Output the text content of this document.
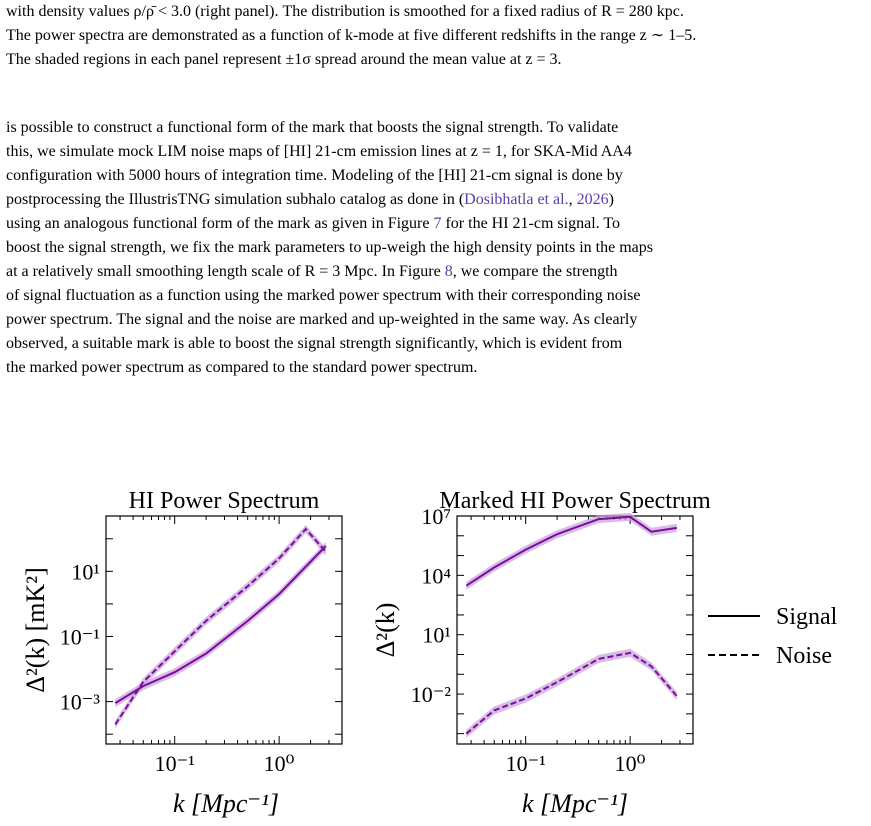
with density values ρ/ρ̄ < 3.0 (right panel). The distribution is smoothed for a fixed radius of R = 280 kpc.
The power spectra are demonstrated as a function of k-mode at five different redshifts in the range z ∼ 1–5.
The shaded regions in each panel represent ±1σ spread around the mean value at z = 3.
is possible to construct a functional form of the mark that boosts the signal strength. To validate
this, we simulate mock LIM noise maps of [HI] 21-cm emission lines at z = 1, for SKA-Mid AA4
configuration with 5000 hours of integration time. Modeling of the [HI] 21-cm signal is done by
postprocessing the IllustrisTNG simulation subhalo catalog as done in (Dosibhatla et al., 2026)
using an analogous functional form of the mark as given in Figure 7 for the HI 21-cm signal. To
boost the signal strength, we fix the mark parameters to up-weigh the high density points in the maps
at a relatively small smoothing length scale of R = 3 Mpc. In Figure 8, we compare the strength
of signal fluctuation as a function using the marked power spectrum with their corresponding noise
power spectrum. The signal and the noise are marked and up-weighted in the same way. As clearly
observed, a suitable mark is able to boost the signal strength significantly, which is evident from
the marked power spectrum as compared to the standard power spectrum.
HI Power Spectrum
10⁻³
10⁻¹
10¹
10⁻¹	10⁰
k [Mpc⁻¹]
Δ²(k) [mK²]
Marked HI Power Spectrum
10⁻²
10¹
10⁴
10⁷
10⁻¹	10⁰
k [Mpc⁻¹]
Δ²(k)	Signal
Noise
